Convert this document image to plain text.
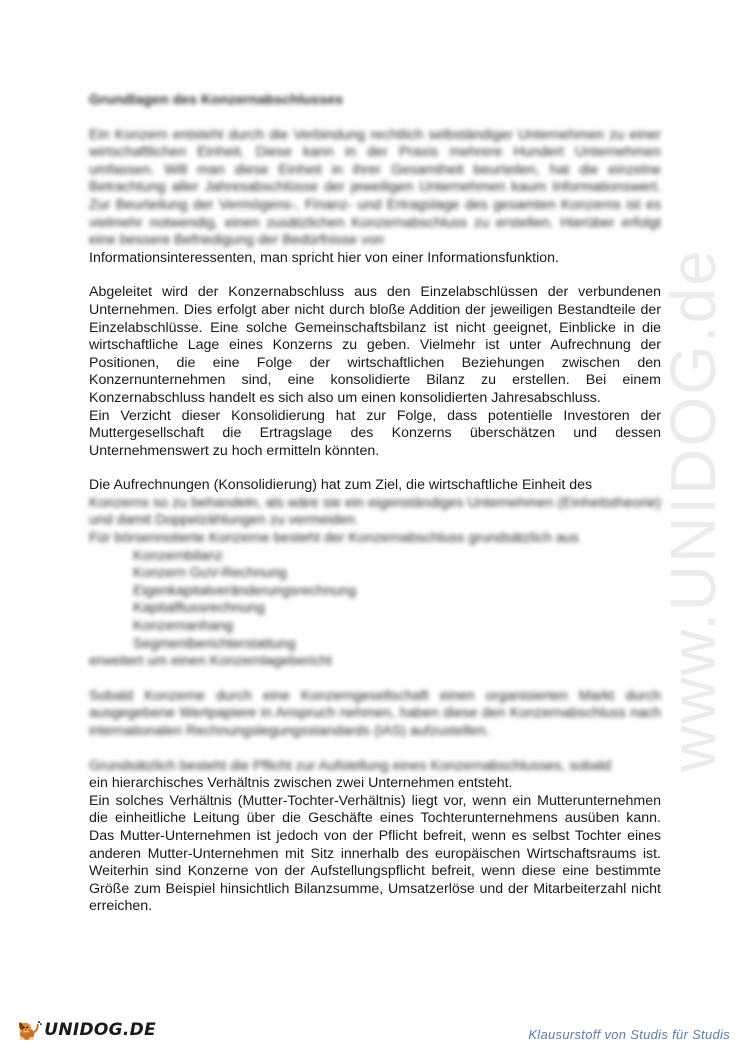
Grundlagen des Konzernabschlusses

Ein Konzern entsteht durch die Verbindung rechtlich selbständiger Unternehmen zu einer wirtschaftlichen Einheit. Diese kann in der Praxis mehrere Hundert Unternehmen umfassen. Will man diese Einheit in ihrer Gesamtheit beurteilen, hat die einzelne Betrachtung aller Jahresabschlüsse der jeweiligen Unternehmen kaum Informationswert. Zur Beurteilung der Vermögens-, Finanz- und Ertragslage des gesamten Konzerns ist es vielmehr notwendig, einen zusätzlichen Konzernabschluss zu erstellen. Hierüber erfolgt eine bessere Befriedigung der Bedürfnisse von

Informationsinteressenten, man spricht hier von einer Informationsfunktion.

Abgeleitet wird der Konzernabschluss aus den Einzelabschlüssen der verbundenen Unternehmen. Dies erfolgt aber nicht durch bloße Addition der jeweiligen Bestandteile der Einzelabschlüsse. Eine solche Gemeinschaftsbilanz ist nicht geeignet, Einblicke in die wirtschaftliche Lage eines Konzerns zu geben. Vielmehr ist unter Aufrechnung der Positionen, die eine Folge der wirtschaftlichen Beziehungen zwischen den Konzernunternehmen sind, eine konsolidierte Bilanz zu erstellen. Bei einem Konzernabschluss handelt es sich also um einen konsolidierten Jahresabschluss.

Ein Verzicht dieser Konsolidierung hat zur Folge, dass potentielle Investoren der Muttergesellschaft die Ertragslage des Konzerns überschätzen und dessen Unternehmenswert zu hoch ermitteln könnten.

Die Aufrechnungen (Konsolidierung) hat zum Ziel, die wirtschaftliche Einheit des

Konzerns so zu behandeln, als wäre sie ein eigenständiges Unternehmen (Einheitstheorie) und damit Doppelzählungen zu vermeiden.

Für börsennotierte Konzerne besteht der Konzernabschluss grundsätzlich aus

Konzernbilanz
Konzern GuV-Rechnung
Eigenkapitalveränderungsrechnung
Kapitalflussrechnung
Konzernanhang
Segmentberichterstattung

erweitert um einen Konzernlagebericht

Sobald Konzerne durch eine Konzerngesellschaft einen organisierten Markt durch ausgegebene Wertpapiere in Anspruch nehmen, haben diese den Konzernabschluss nach internationalen Rechnungslegungsstandards (IAS) aufzustellen.

Grundsätzlich besteht die Pflicht zur Aufstellung eines Konzernabschlusses, sobald

ein hierarchisches Verhältnis zwischen zwei Unternehmen entsteht.

Ein solches Verhältnis (Mutter-Tochter-Verhältnis) liegt vor, wenn ein Mutterunternehmen die einheitliche Leitung über die Geschäfte eines Tochterunternehmens ausüben kann. Das Mutter-Unternehmen ist jedoch von der Pflicht befreit, wenn es selbst Tochter eines anderen Mutter-Unternehmen mit Sitz innerhalb des europäischen Wirtschaftsraums ist. Weiterhin sind Konzerne von der Aufstellungspflicht befreit, wenn diese eine bestimmte Größe zum Beispiel hinsichtlich Bilanzsumme, Umsatzerlöse und der Mitarbeiterzahl nicht erreichen.

www.UNIDOG.de
UNIDOG.DE	Klausurstoff von Studis für Studis
